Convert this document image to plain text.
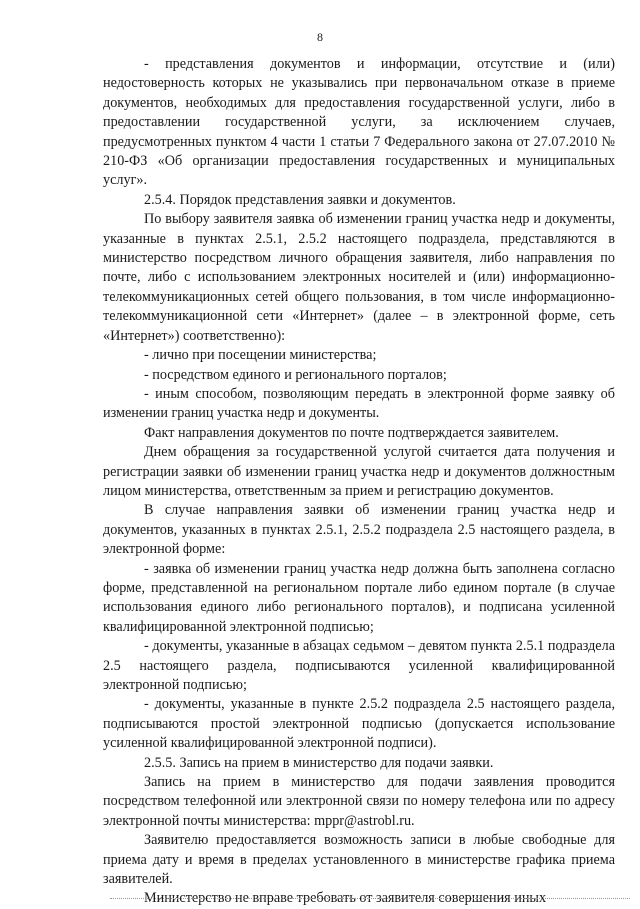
8

- представления документов и информации, отсутствие и (или) недостоверность которых не указывались при первоначальном отказе в приеме документов, необходимых для предоставления государственной услуги, либо в предоставлении государственной услуги, за исключением случаев, предусмотренных пунктом 4 части 1 статьи 7 Федерального закона от 27.07.2010 № 210-ФЗ «Об организации предоставления государственных и муниципальных услуг».

2.5.4. Порядок представления заявки и документов.

По выбору заявителя заявка об изменении границ участка недр и документы, указанные в пунктах 2.5.1, 2.5.2 настоящего подраздела, представляются в министерство посредством личного обращения заявителя, либо направления по почте, либо с использованием электронных носителей и (или) информационно-телекоммуникационных сетей общего пользования, в том числе информационно-телекоммуникационной сети «Интернет» (далее – в электронной форме, сеть «Интернет») соответственно):

- лично при посещении министерства;

- посредством единого и регионального порталов;

- иным способом, позволяющим передать в электронной форме заявку об изменении границ участка недр и документы.

Факт направления документов по почте подтверждается заявителем.

Днем обращения за государственной услугой считается дата получения и регистрации заявки об изменении границ участка недр и документов должностным лицом министерства, ответственным за прием и регистрацию документов.

В случае направления заявки об изменении границ участка недр и документов, указанных в пунктах 2.5.1, 2.5.2 подраздела 2.5 настоящего раздела, в электронной форме:

- заявка об изменении границ участка недр должна быть заполнена согласно форме, представленной на региональном портале либо едином портале (в случае использования единого либо регионального порталов), и подписана усиленной квалифицированной электронной подписью;

- документы, указанные в абзацах седьмом – девятом пункта 2.5.1 подраздела 2.5 настоящего раздела, подписываются усиленной квалифицированной электронной подписью;

- документы, указанные в пункте 2.5.2 подраздела 2.5 настоящего раздела, подписываются простой электронной подписью (допускается использование усиленной квалифицированной электронной подписи).

2.5.5. Запись на прием в министерство для подачи заявки.

Запись на прием в министерство для подачи заявления проводится посредством телефонной или электронной связи по номеру телефона или по адресу электронной почты министерства: mppr@astrobl.ru.

Заявителю предоставляется возможность записи в любые свободные для приема дату и время в пределах установленного в министерстве графика приема заявителей.

Министерство не вправе требовать от заявителя совершения иных
